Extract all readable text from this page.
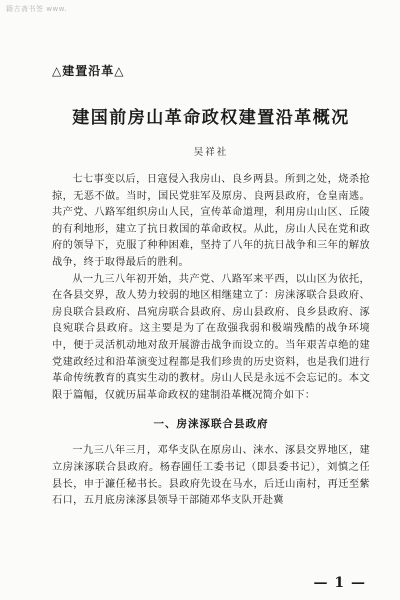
籍古斋书签 www.
△建置沿革△
建国前房山革命政权建置沿革概况
吴祥社

七七事变以后，日寇侵入我房山、良乡两县。所到之处，烧杀抢掠，无恶不做。当时，国民党驻军及原房、良两县政府，仓皇南逃。共产党、八路军组织房山人民，宣传革命道理，利用房山山区、丘陵的有利地形，建立了抗日救国的革命政权。从此，房山人民在党和政府的领导下，克服了种种困难，坚持了八年的抗日战争和三年的解放战争，终于取得最后的胜利。

从一九三八年初开始，共产党、八路军来平西，以山区为依托，在各县交界，敌人势力较弱的地区相继建立了：房涞涿联合县政府、房良联合县政府、昌宛房联合县政府、房山县政府、良乡县政府、涿良宛联合县政府。这主要是为了在敌强我弱和极端残酷的战争环境中，便于灵活机动地对敌开展游击战争而设立的。当年艰苦卓绝的建党建政经过和沿革演变过程都是我们珍贵的历史资料，也是我们进行革命传统教育的真实生动的教材。房山人民是永远不会忘记的。本文限于篇幅，仅就历届革命政权的建制沿革概况简介如下：

一、房涞涿联合县政府

一九三八年三月，邓华支队在原房山、涞水、涿县交界地区，建立房涞涿联合县政府。杨春圃任工委书记（即县委书记），刘慎之任县长，申于濂任秘书长。县政府先设在马水，后迁山南村，再迁至紫石口，五月底房涞涿县领导干部随邓华支队开赴冀

— 1 —
